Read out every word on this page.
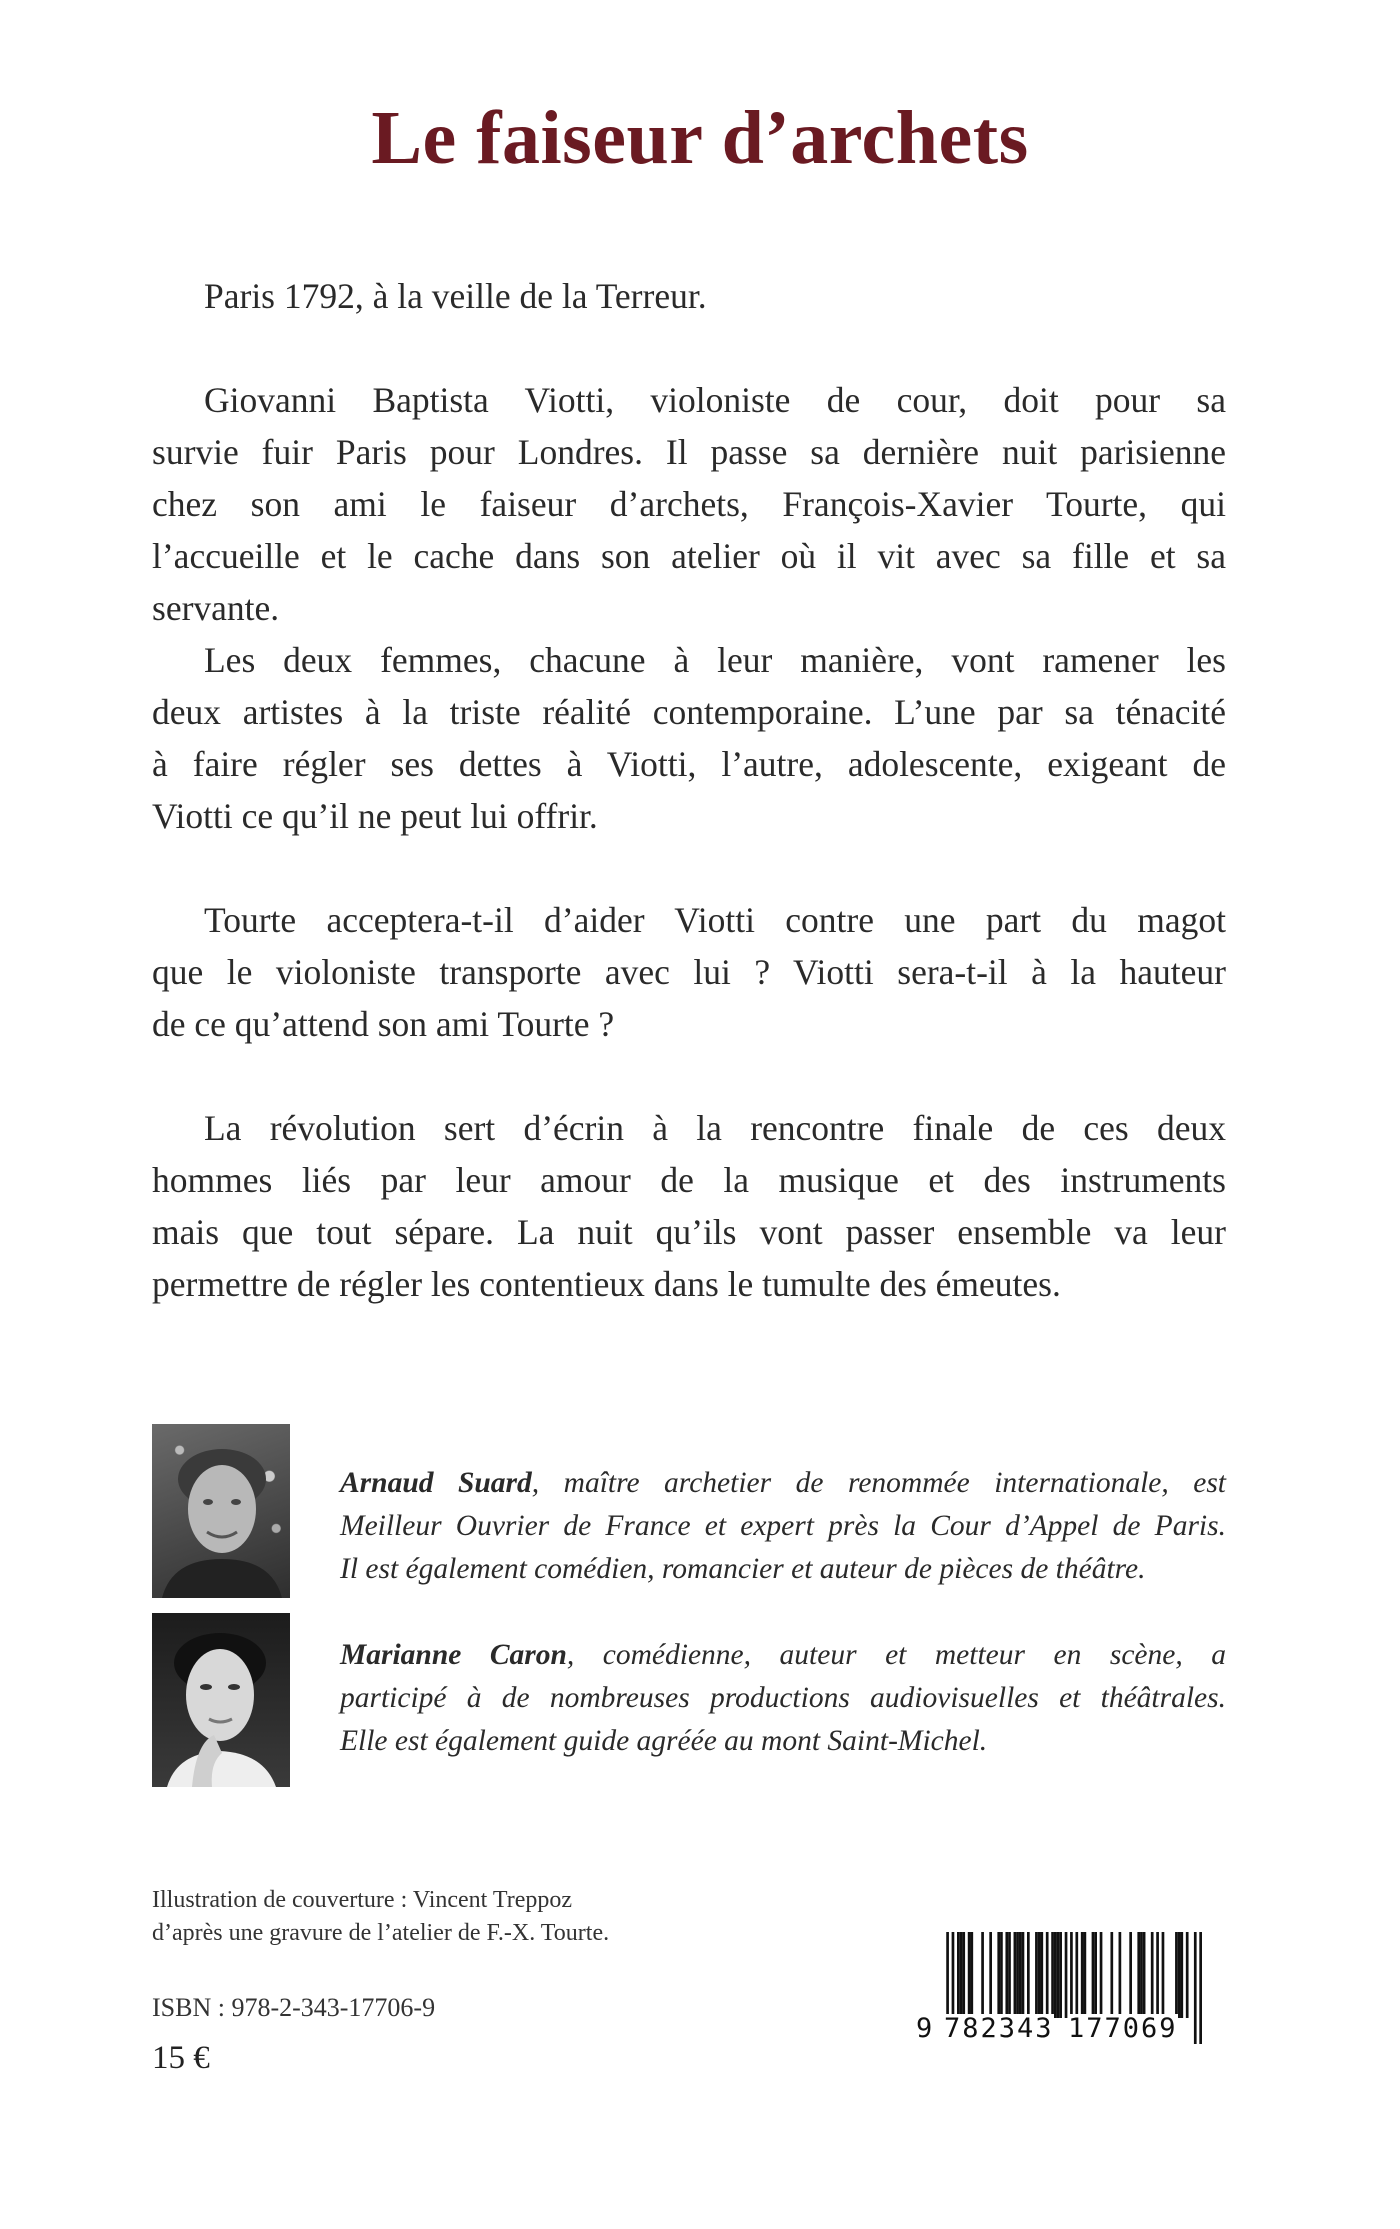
Le faiseur d’archets

Paris 1792, à la veille de la Terreur.

Giovanni Baptista Viotti, violoniste de cour, doit pour sa
survie fuir Paris pour Londres. Il passe sa dernière nuit parisienne
chez son ami le faiseur d’archets, François-Xavier Tourte, qui
l’accueille et le cache dans son atelier où il vit avec sa fille et sa
servante.

Les deux femmes, chacune à leur manière, vont ramener les
deux artistes à la triste réalité contemporaine. L’une par sa ténacité
à faire régler ses dettes à Viotti, l’autre, adolescente, exigeant de
Viotti ce qu’il ne peut lui offrir.

Tourte acceptera-t-il d’aider Viotti contre une part du magot
que le violoniste transporte avec lui ? Viotti sera-t-il à la hauteur
de ce qu’attend son ami Tourte ?

La révolution sert d’écrin à la rencontre finale de ces deux
hommes liés par leur amour de la musique et des instruments
mais que tout sépare. La nuit qu’ils vont passer ensemble va leur
permettre de régler les contentieux dans le tumulte des émeutes.

Arnaud Suard, maître archetier de renommée internationale, est
Meilleur Ouvrier de France et expert près la Cour d’Appel de Paris.
Il est également comédien, romancier et auteur de pièces de théâtre.
Marianne Caron, comédienne, auteur et metteur en scène, a
participé à de nombreuses productions audiovisuelles et théâtrales.
Elle est également guide agréée au mont Saint-Michel.
Illustration de couverture : Vincent Treppoz
d’après une gravure de l’atelier de F.-X. Tourte.
ISBN : 978-2-343-17706-9
15 €
9 782343 177069
